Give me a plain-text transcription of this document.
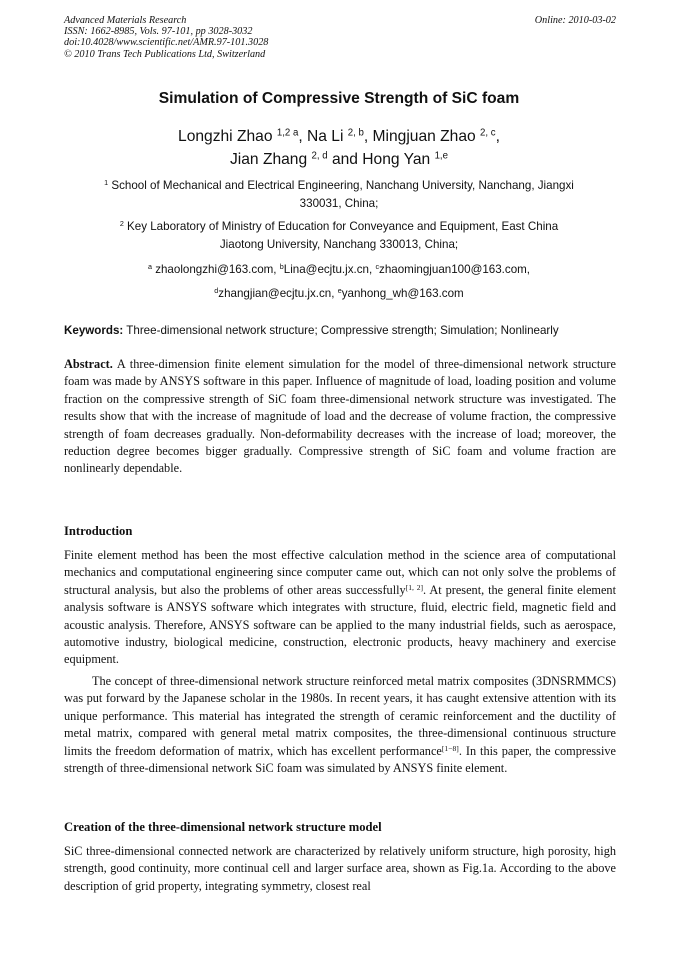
Advanced Materials Research
ISSN: 1662-8985, Vols. 97-101, pp 3028-3032
doi:10.4028/www.scientific.net/AMR.97-101.3028
© 2010 Trans Tech Publications Ltd, Switzerland
Online: 2010-03-02
Simulation of Compressive Strength of SiC foam
Longzhi Zhao $^{1,2 a}$, Na Li $^{2, b}$, Mingjuan Zhao $^{2, c}$,
Jian Zhang $^{2, d}$ and Hong Yan $^{1,e}$
$^1$ School of Mechanical and Electrical Engineering, Nanchang University, Nanchang, Jiangxi
330031, China;
$^2$ Key Laboratory of Ministry of Education for Conveyance and Equipment, East China
Jiaotong University, Nanchang 330013, China;
$^a$ zhaolongzhi@163.com, $^b$Lina@ecjtu.jx.cn, $^c$zhaomingjuan100@163.com,
$^d$zhangjian@ecjtu.jx.cn, $^e$yanhong_wh@163.com
Keywords: Three-dimensional network structure; Compressive strength; Simulation; Nonlinearly

Abstract. A three-dimension finite element simulation for the model of three-dimensional network structure foam was made by ANSYS software in this paper. Influence of magnitude of load, loading position and volume fraction on the compressive strength of SiC foam three-dimensional network structure was investigated. The results show that with the increase of magnitude of load and the decrease of volume fraction, the compressive strength of foam decreases gradually. Non-deformability decreases with the increase of load; moreover, the reduction degree becomes bigger gradually. Compressive strength of SiC foam and volume fraction are nonlinearly dependable.

Introduction

Finite element method has been the most effective calculation method in the science area of computational mechanics and computational engineering since computer came out, which can not only solve the problems of structural analysis, but also the problems of other areas successfully[1, 2]. At present, the general finite element analysis software is ANSYS software which integrates with structure, fluid, electric field, magnetic field and acoustic analysis. Therefore, ANSYS software can be applied to the many industrial fields, such as aerospace, automotive industry, biological medicine, construction, electronic products, heavy machinery and exercise equipment.

The concept of three-dimensional network structure reinforced metal matrix composites (3DNSRMMCS) was put forward by the Japanese scholar in the 1980s. In recent years, it has caught extensive attention with its unique performance. This material has integrated the strength of ceramic reinforcement and the ductility of metal matrix, compared with general metal matrix composites, the three-dimensional continuous structure limits the freedom deformation of matrix, which has excellent performance[1−8]. In this paper, the compressive strength of three-dimensional network SiC foam was simulated by ANSYS finite element.

Creation of the three-dimensional network structure model

SiC three-dimensional connected network are characterized by relatively uniform structure, high porosity, high strength, good continuity, more continual cell and larger surface area, shown as Fig.1a. According to the above description of grid property, integrating symmetry, closest real
